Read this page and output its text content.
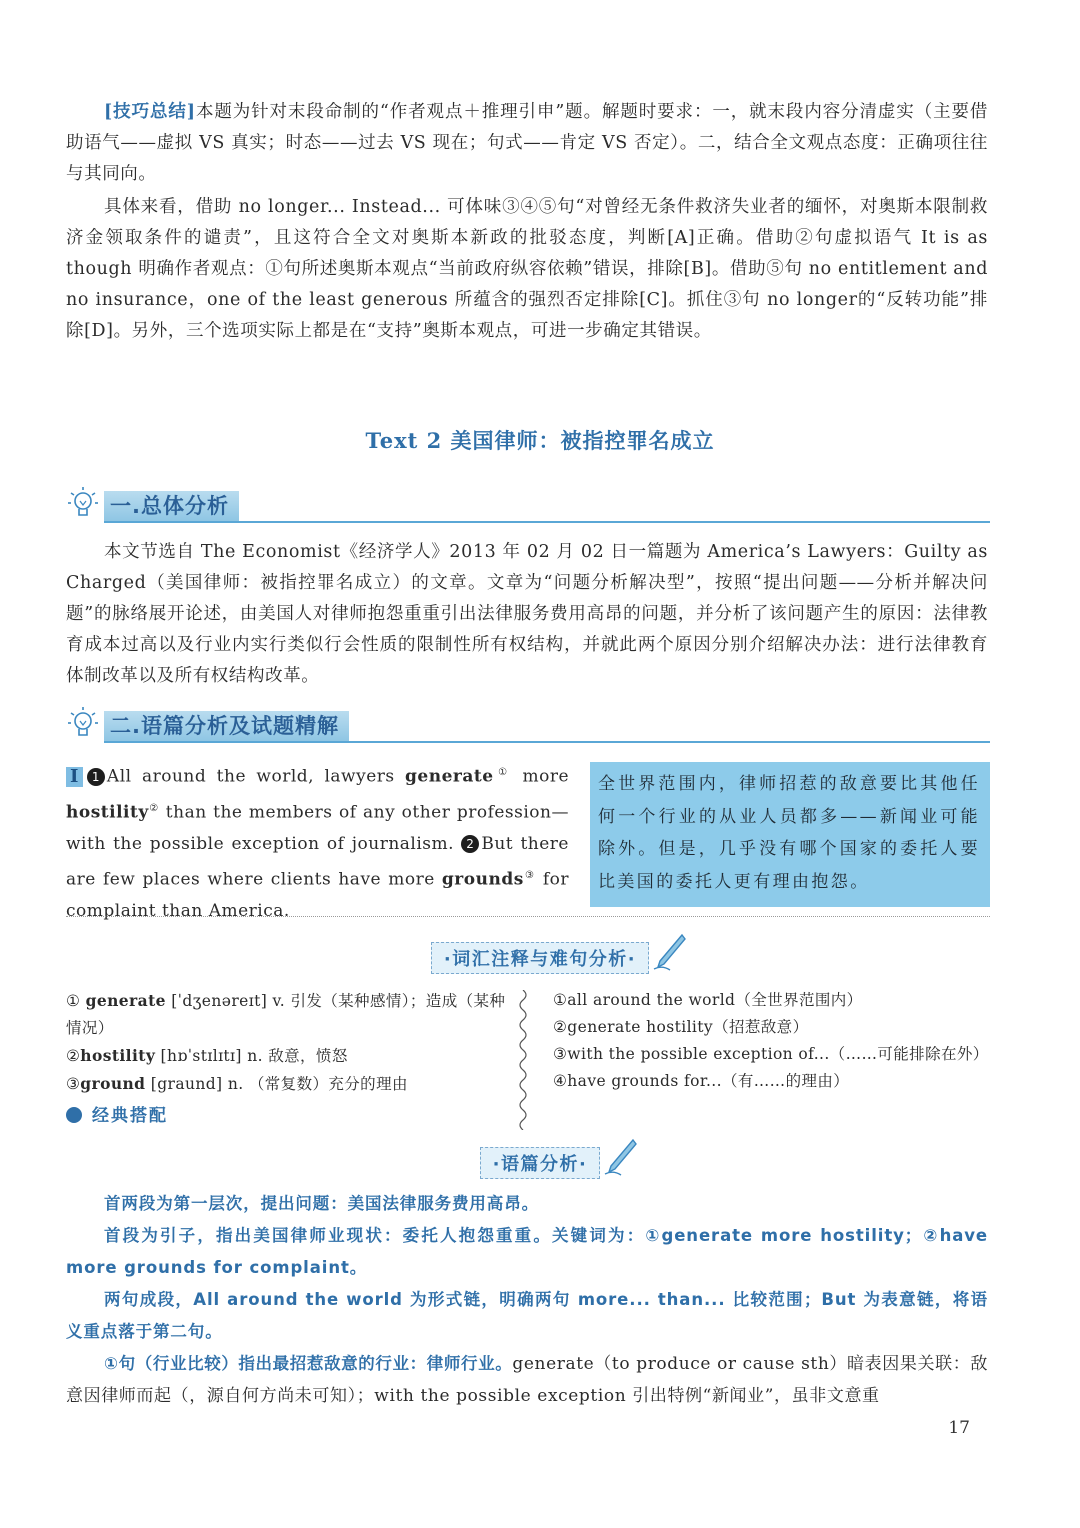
[技巧总结]本题为针对末段命制的“作者观点＋推理引申”题。解题时要求：一，就末段内容分清虚实（主要借助语气——虚拟 VS 真实；时态——过去 VS 现在；句式——肯定 VS 否定）。二，结合全文观点态度：正确项往往与其同向。

具体来看，借助 no longer... Instead... 可体味③④⑤句“对曾经无条件救济失业者的缅怀，对奥斯本限制救济金领取条件的谴责”，且这符合全文对奥斯本新政的批驳态度，判断[A]正确。借助②句虚拟语气 It is as though 明确作者观点：①句所述奥斯本观点“当前政府纵容依赖”错误，排除[B]。借助⑤句 no entitlement and no insurance，one of the least generous 所蕴含的强烈否定排除[C]。抓住③句 no longer的“反转功能”排除[D]。另外，三个选项实际上都是在“支持”奥斯本观点，可进一步确定其错误。

Text 2 美国律师：被指控罪名成立
一.总体分析

本文节选自 The Economist《经济学人》2013 年 02 月 02 日一篇题为 America’s Lawyers：Guilty as Charged（美国律师：被指控罪名成立）的文章。文章为“问题分析解决型”，按照“提出问题——分析并解决问题”的脉络展开论述，由美国人对律师抱怨重重引出法律服务费用高昂的问题，并分析了该问题产生的原因：法律教育成本过高以及行业内实行类似行会性质的限制性所有权结构，并就此两个原因分别介绍解决办法：进行法律教育体制改革以及所有权结构改革。

二.语篇分析及试题精解
I 1 All around the world, lawyers generate① more hostility② than the members of any other profession—with the possible exception of journalism. 2 But there are few places where clients have more grounds③ for complaint than America.
全世界范围内，律师招惹的敌意要比其他任何一个行业的从业人员都多——新闻业可能除外。但是，几乎没有哪个国家的委托人要比美国的委托人更有理由抱怨。
·词汇注释与难句分析·
① generate [ˈdʒenəreɪt] v. 引发（某种感情）；造成（某种情况）
②hostility [hɒˈstɪlɪtɪ] n. 敌意，愤怒
③ground [graund] n. （常复数）充分的理由
①all around the world（全世界范围内）
②generate hostility（招惹敌意）
③with the possible exception of...（……可能排除在外）
④have grounds for...（有……的理由）
经典搭配
·语篇分析·

首两段为第一层次，提出问题：美国法律服务费用高昂。

首段为引子，指出美国律师业现状：委托人抱怨重重。关键词为：①generate more hostility；②have more grounds for complaint。

两句成段，All around the world 为形式链，明确两句 more... than... 比较范围；But 为表意链，将语义重点落于第二句。

①句（行业比较）指出最招惹敌意的行业：律师行业。generate（to produce or cause sth）暗表因果关联：敌意因律师而起（，源自何方尚未可知）；with the possible exception 引出特例“新闻业”，虽非文意重

17
